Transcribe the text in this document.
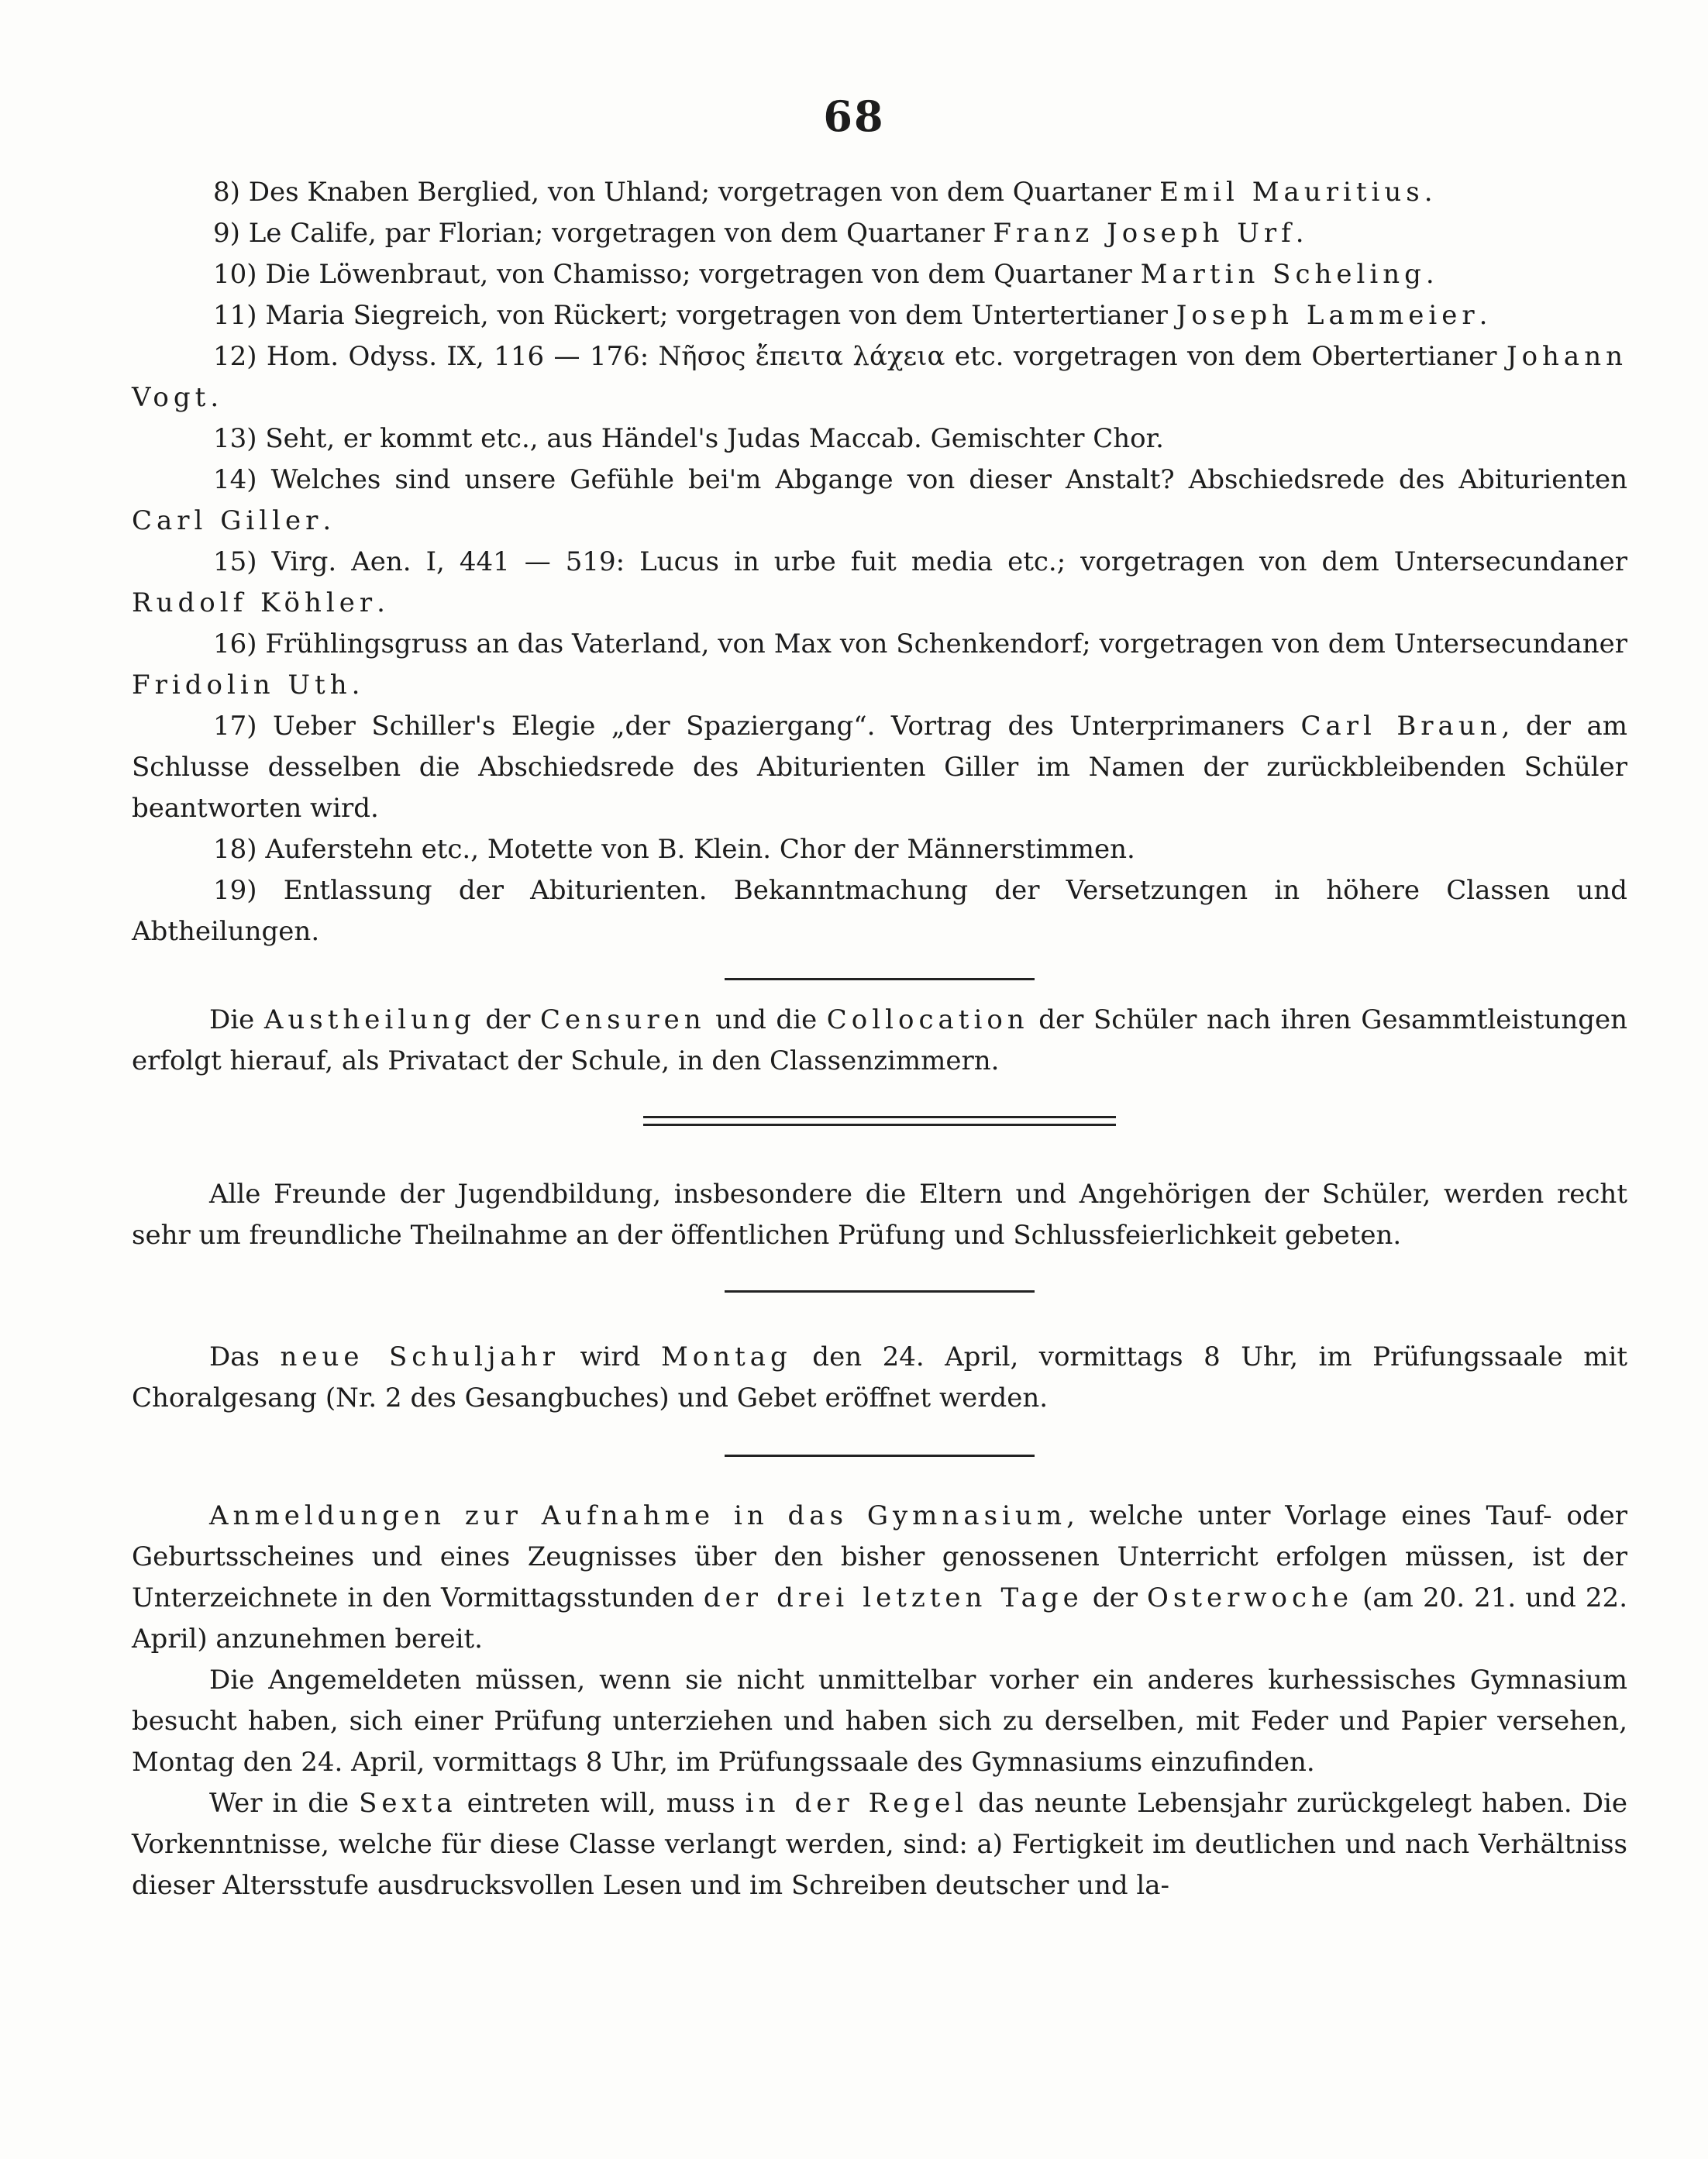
68

8) Des Knaben Berglied, von Uhland; vorgetragen von dem Quartaner Emil Mauritius.

9) Le Calife, par Florian; vorgetragen von dem Quartaner Franz Joseph Urf.

10) Die Löwenbraut, von Chamisso; vorgetragen von dem Quartaner Martin Scheling.

11) Maria Siegreich, von Rückert; vorgetragen von dem Untertertianer Joseph Lammeier.

12) Hom. Odyss. IX, 116 — 176: Νῆσος ἔπειτα λάχεια etc. vorgetragen von dem Obertertianer Johann Vogt.

13) Seht, er kommt etc., aus Händel's Judas Maccab. Gemischter Chor.

14) Welches sind unsere Gefühle bei'm Abgange von dieser Anstalt? Abschiedsrede des Abiturienten Carl Giller.

15) Virg. Aen. I, 441 — 519: Lucus in urbe fuit media etc.; vorgetragen von dem Untersecundaner Rudolf Köhler.

16) Frühlingsgruss an das Vaterland, von Max von Schenkendorf; vorgetragen von dem Untersecundaner Fridolin Uth.

17) Ueber Schiller's Elegie „der Spaziergang“. Vortrag des Unterprimaners Carl Braun, der am Schlusse desselben die Abschiedsrede des Abiturienten Giller im Namen der zurückbleibenden Schüler beantworten wird.

18) Auferstehn etc., Motette von B. Klein. Chor der Männerstimmen.

19) Entlassung der Abiturienten. Bekanntmachung der Versetzungen in höhere Classen und Abtheilungen.

Die Austheilung der Censuren und die Collocation der Schüler nach ihren Gesammtleistungen erfolgt hierauf, als Privatact der Schule, in den Classenzimmern.

Alle Freunde der Jugendbildung, insbesondere die Eltern und Angehörigen der Schüler, werden recht sehr um freundliche Theilnahme an der öffentlichen Prüfung und Schlussfeierlichkeit gebeten.

Das neue Schuljahr wird Montag den 24. April, vormittags 8 Uhr, im Prüfungssaale mit Choralgesang (Nr. 2 des Gesangbuches) und Gebet eröffnet werden.

Anmeldungen zur Aufnahme in das Gymnasium, welche unter Vorlage eines Tauf- oder Geburtsscheines und eines Zeugnisses über den bisher genossenen Unterricht erfolgen müssen, ist der Unterzeichnete in den Vormittagsstunden der drei letzten Tage der Osterwoche (am 20. 21. und 22. April) anzunehmen bereit.

Die Angemeldeten müssen, wenn sie nicht unmittelbar vorher ein anderes kurhessisches Gymnasium besucht haben, sich einer Prüfung unterziehen und haben sich zu derselben, mit Feder und Papier versehen, Montag den 24. April, vormittags 8 Uhr, im Prüfungssaale des Gymnasiums einzufinden.

Wer in die Sexta eintreten will, muss in der Regel das neunte Lebensjahr zurückgelegt haben. Die Vorkenntnisse, welche für diese Classe verlangt werden, sind: a) Fertigkeit im deutlichen und nach Verhältniss dieser Altersstufe ausdrucksvollen Lesen und im Schreiben deutscher und la-
